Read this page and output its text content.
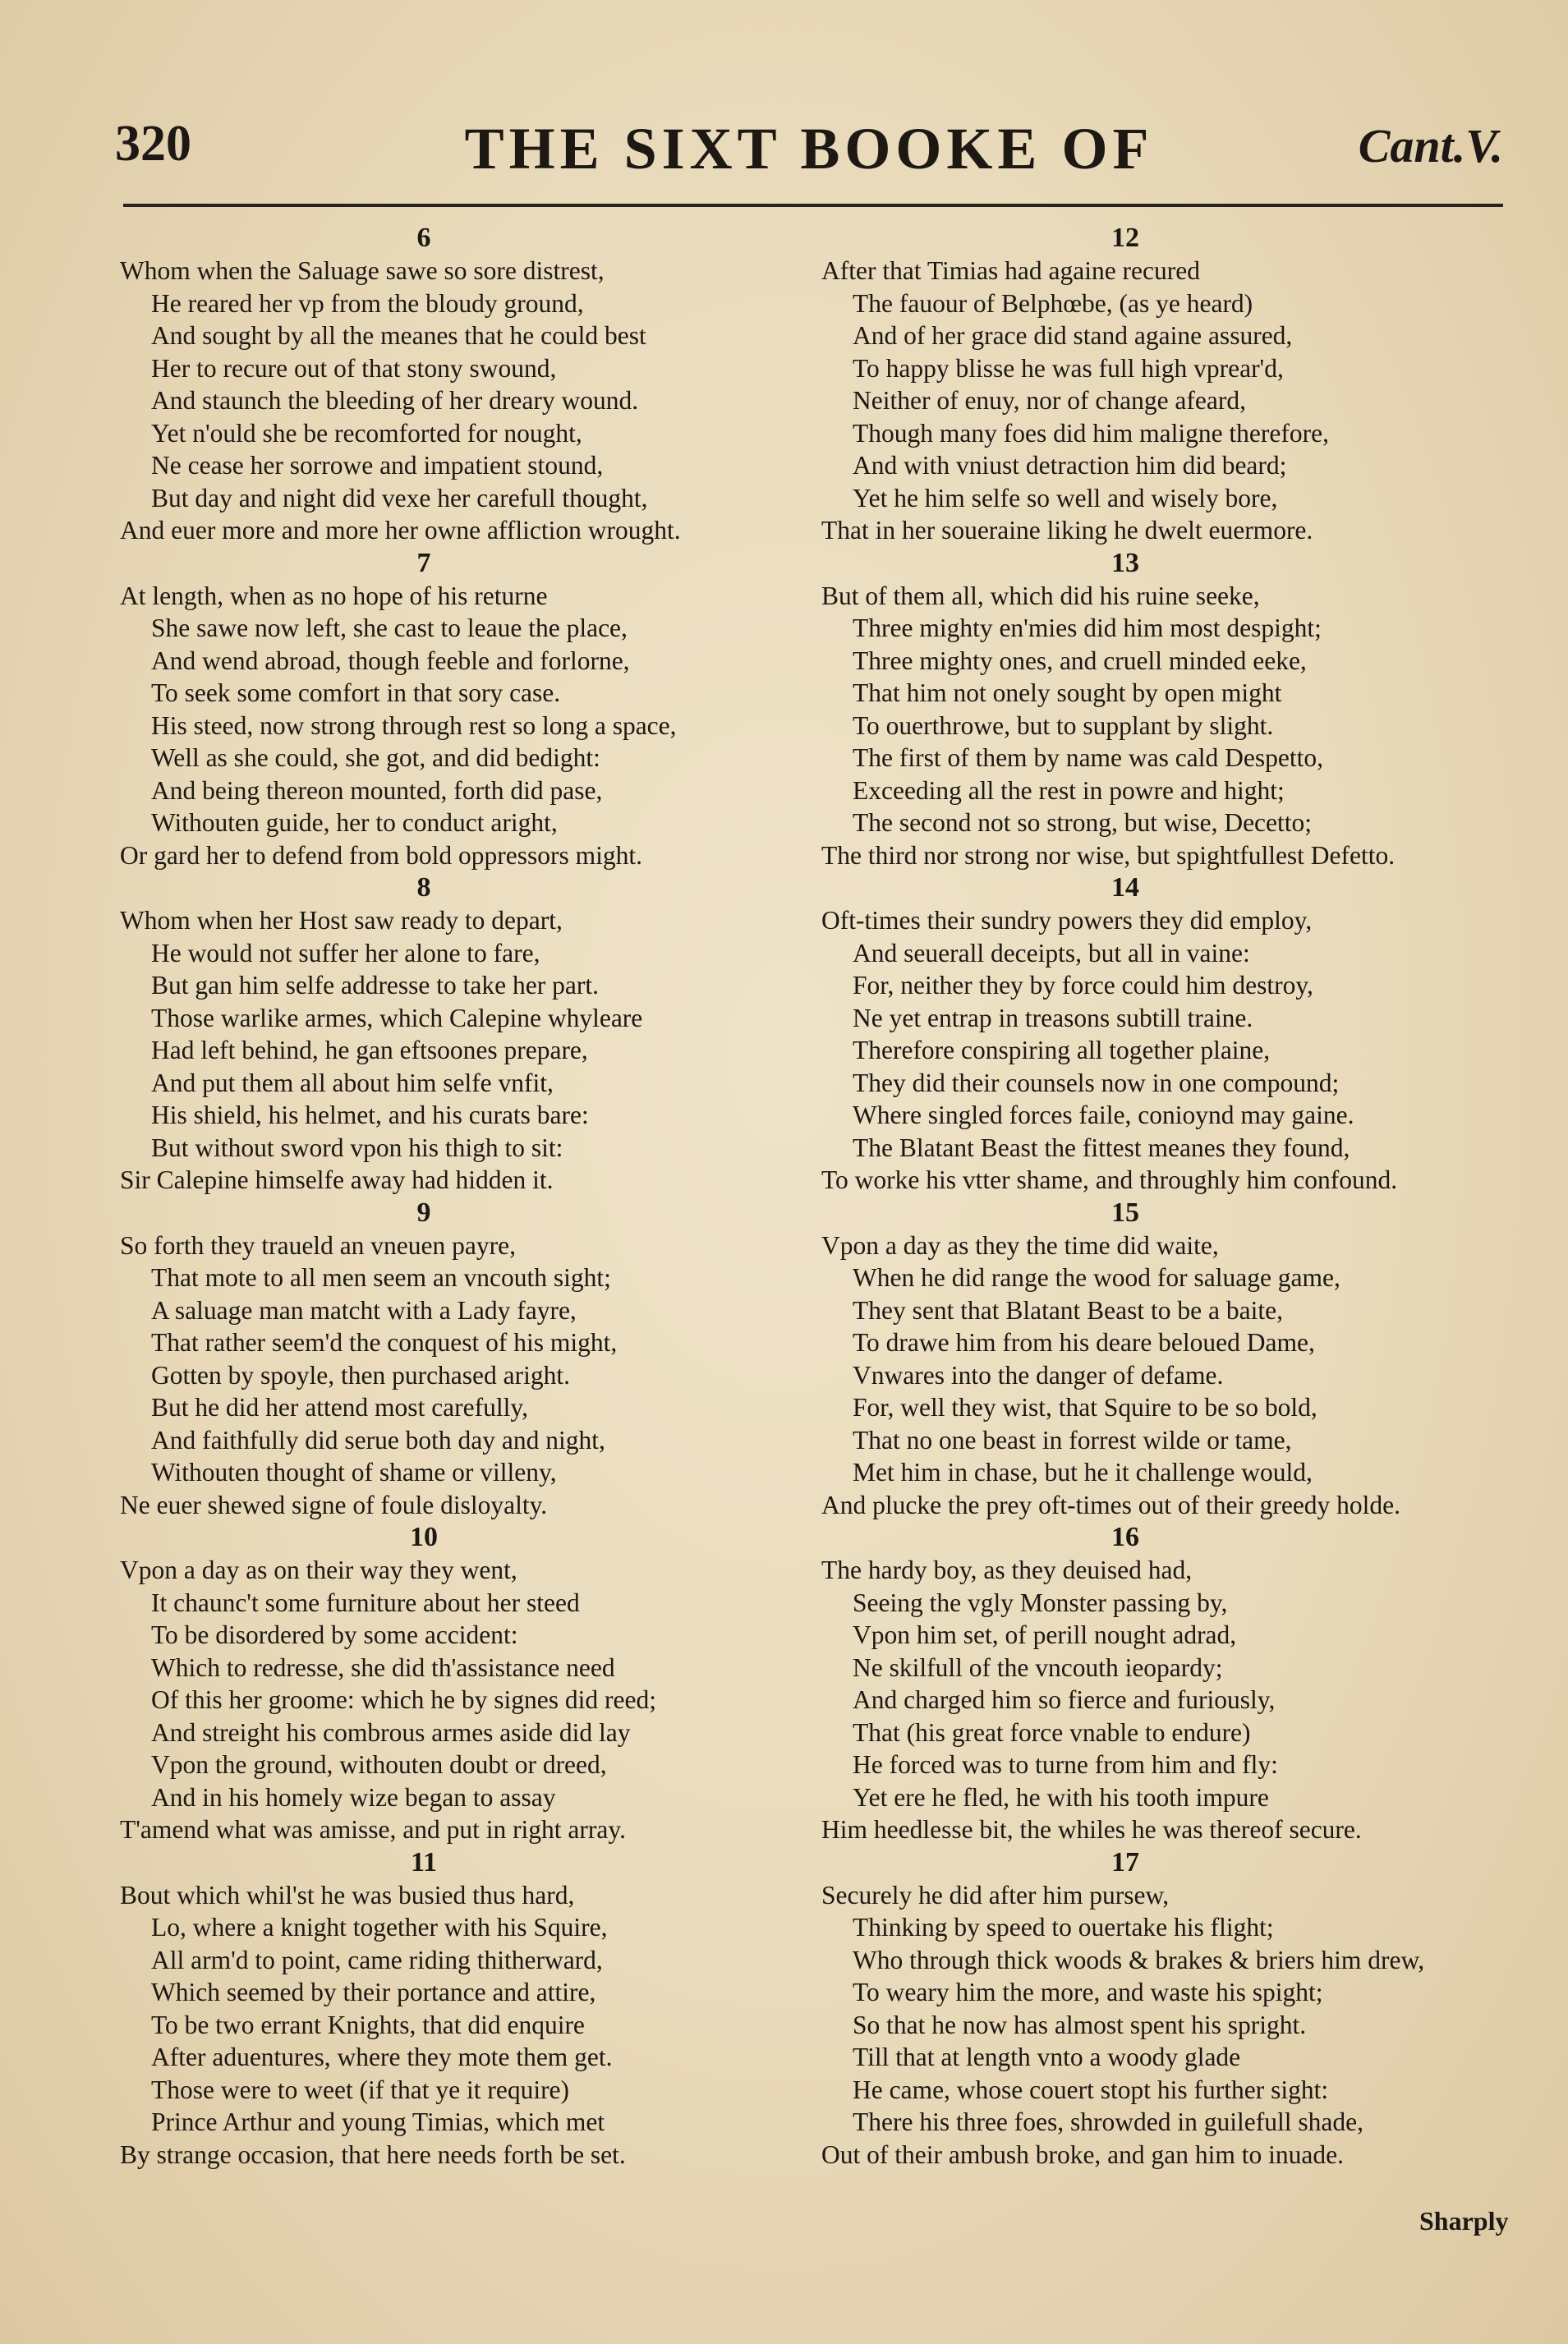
320	THE SIXT BOOKE OF	Cant.V.
6
Whom when the Saluage sawe so sore distrest,
He reared her vp from the bloudy ground,
And sought by all the meanes that he could best
Her to recure out of that stony swound,
And staunch the bleeding of her dreary wound.
Yet n'ould she be recomforted for nought,
Ne cease her sorrowe and impatient stound,
But day and night did vexe her carefull thought,
And euer more and more her owne affliction wrought.
7
At length, when as no hope of his returne
She sawe now left, she cast to leaue the place,
And wend abroad, though feeble and forlorne,
To seek some comfort in that sory case.
His steed, now strong through rest so long a space,
Well as she could, she got, and did bedight:
And being thereon mounted, forth did pase,
Withouten guide, her to conduct aright,
Or gard her to defend from bold oppressors might.
8
Whom when her Host saw ready to depart,
He would not suffer her alone to fare,
But gan him selfe addresse to take her part.
Those warlike armes, which Calepine whyleare
Had left behind, he gan eftsoones prepare,
And put them all about him selfe vnfit,
His shield, his helmet, and his curats bare:
But without sword vpon his thigh to sit:
Sir Calepine himselfe away had hidden it.
9
So forth they traueld an vneuen payre,
That mote to all men seem an vncouth sight;
A saluage man matcht with a Lady fayre,
That rather seem'd the conquest of his might,
Gotten by spoyle, then purchased aright.
But he did her attend most carefully,
And faithfully did serue both day and night,
Withouten thought of shame or villeny,
Ne euer shewed signe of foule disloyalty.
10
Vpon a day as on their way they went,
It chaunc't some furniture about her steed
To be disordered by some accident:
Which to redresse, she did th'assistance need
Of this her groome: which he by signes did reed;
And streight his combrous armes aside did lay
Vpon the ground, withouten doubt or dreed,
And in his homely wize began to assay
T'amend what was amisse, and put in right array.
11
Bout which whil'st he was busied thus hard,
Lo, where a knight together with his Squire,
All arm'd to point, came riding thitherward,
Which seemed by their portance and attire,
To be two errant Knights, that did enquire
After aduentures, where they mote them get.
Those were to weet (if that ye it require)
Prince Arthur and young Timias, which met
By strange occasion, that here needs forth be set.
12
After that Timias had againe recured
The fauour of Belphœbe, (as ye heard)
And of her grace did stand againe assured,
To happy blisse he was full high vprear'd,
Neither of enuy, nor of change afeard,
Though many foes did him maligne therefore,
And with vniust detraction him did beard;
Yet he him selfe so well and wisely bore,
That in her soueraine liking he dwelt euermore.
13
But of them all, which did his ruine seeke,
Three mighty en'mies did him most despight;
Three mighty ones, and cruell minded eeke,
That him not onely sought by open might
To ouerthrowe, but to supplant by slight.
The first of them by name was cald Despetto,
Exceeding all the rest in powre and hight;
The second not so strong, but wise, Decetto;
The third nor strong nor wise, but spightfullest Defetto.
14
Oft-times their sundry powers they did employ,
And seuerall deceipts, but all in vaine:
For, neither they by force could him destroy,
Ne yet entrap in treasons subtill traine.
Therefore conspiring all together plaine,
They did their counsels now in one compound;
Where singled forces faile, conioynd may gaine.
The Blatant Beast the fittest meanes they found,
To worke his vtter shame, and throughly him confound.
15
Vpon a day as they the time did waite,
When he did range the wood for saluage game,
They sent that Blatant Beast to be a baite,
To drawe him from his deare beloued Dame,
Vnwares into the danger of defame.
For, well they wist, that Squire to be so bold,
That no one beast in forrest wilde or tame,
Met him in chase, but he it challenge would,
And plucke the prey oft-times out of their greedy holde.
16
The hardy boy, as they deuised had,
Seeing the vgly Monster passing by,
Vpon him set, of perill nought adrad,
Ne skilfull of the vncouth ieopardy;
And charged him so fierce and furiously,
That (his great force vnable to endure)
He forced was to turne from him and fly:
Yet ere he fled, he with his tooth impure
Him heedlesse bit, the whiles he was thereof secure.
17
Securely he did after him pursew,
Thinking by speed to ouertake his flight;
Who through thick woods & brakes & briers him drew,
To weary him the more, and waste his spight;
So that he now has almost spent his spright.
Till that at length vnto a woody glade
He came, whose couert stopt his further sight:
There his three foes, shrowded in guilefull shade,
Out of their ambush broke, and gan him to inuade.
Sharply
